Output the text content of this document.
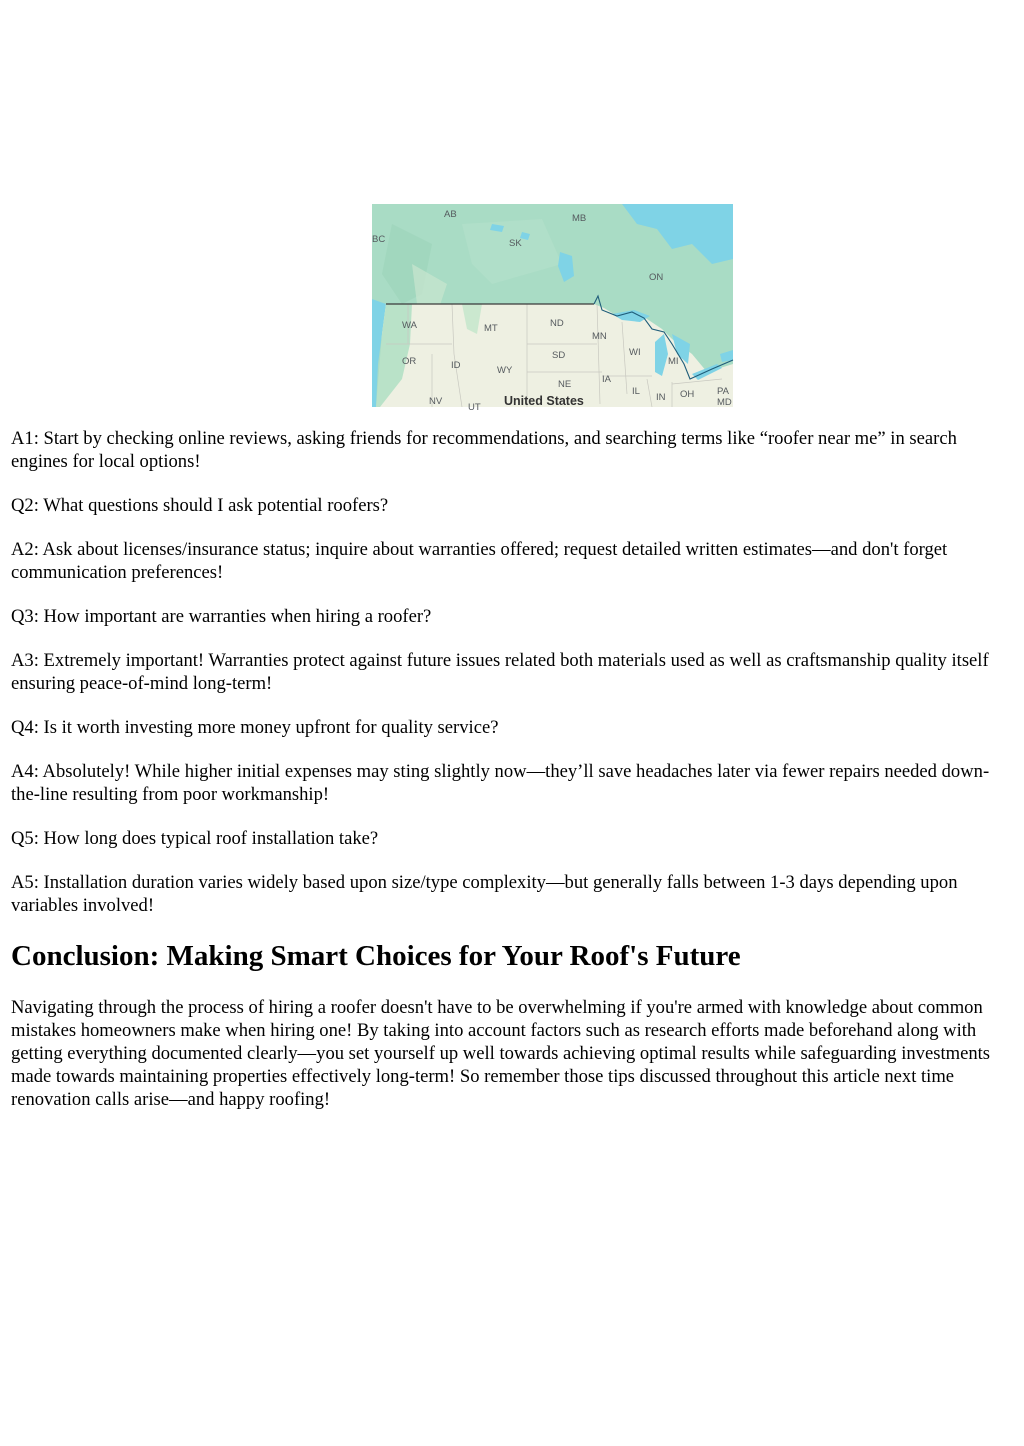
AB	MB
BC	SK
ON
WA	MT	ND
MN
OR	ID
SD	WI
MI
WY
IA
NE
NV
UT
IL
IN OH PA
MD
United States

A1: Start by checking online reviews, asking friends for recommendations, and searching terms like “roofer near me” in search engines for local options!

Q2: What questions should I ask potential roofers?

A2: Ask about licenses/insurance status; inquire about warranties offered; request detailed written estimates—and don't forget communication preferences!

Q3: How important are warranties when hiring a roofer?

A3: Extremely important! Warranties protect against future issues related both materials used as well as craftsmanship quality itself ensuring peace-of-mind long-term!

Q4: Is it worth investing more money upfront for quality service?

A4: Absolutely! While higher initial expenses may sting slightly now—they’ll save headaches later via fewer repairs needed down-the-line resulting from poor workmanship!

Q5: How long does typical roof installation take?

A5: Installation duration varies widely based upon size/type complexity—but generally falls between 1-3 days depending upon variables involved!

Conclusion: Making Smart Choices for Your Roof's Future

Navigating through the process of hiring a roofer doesn't have to be overwhelming if you're armed with knowledge about common mistakes homeowners make when hiring one! By taking into account factors such as research efforts made beforehand along with getting everything documented clearly—you set yourself up well towards achieving optimal results while safeguarding investments made towards maintaining properties effectively long-term! So remember those tips discussed throughout this article next time renovation calls arise—and happy roofing!
